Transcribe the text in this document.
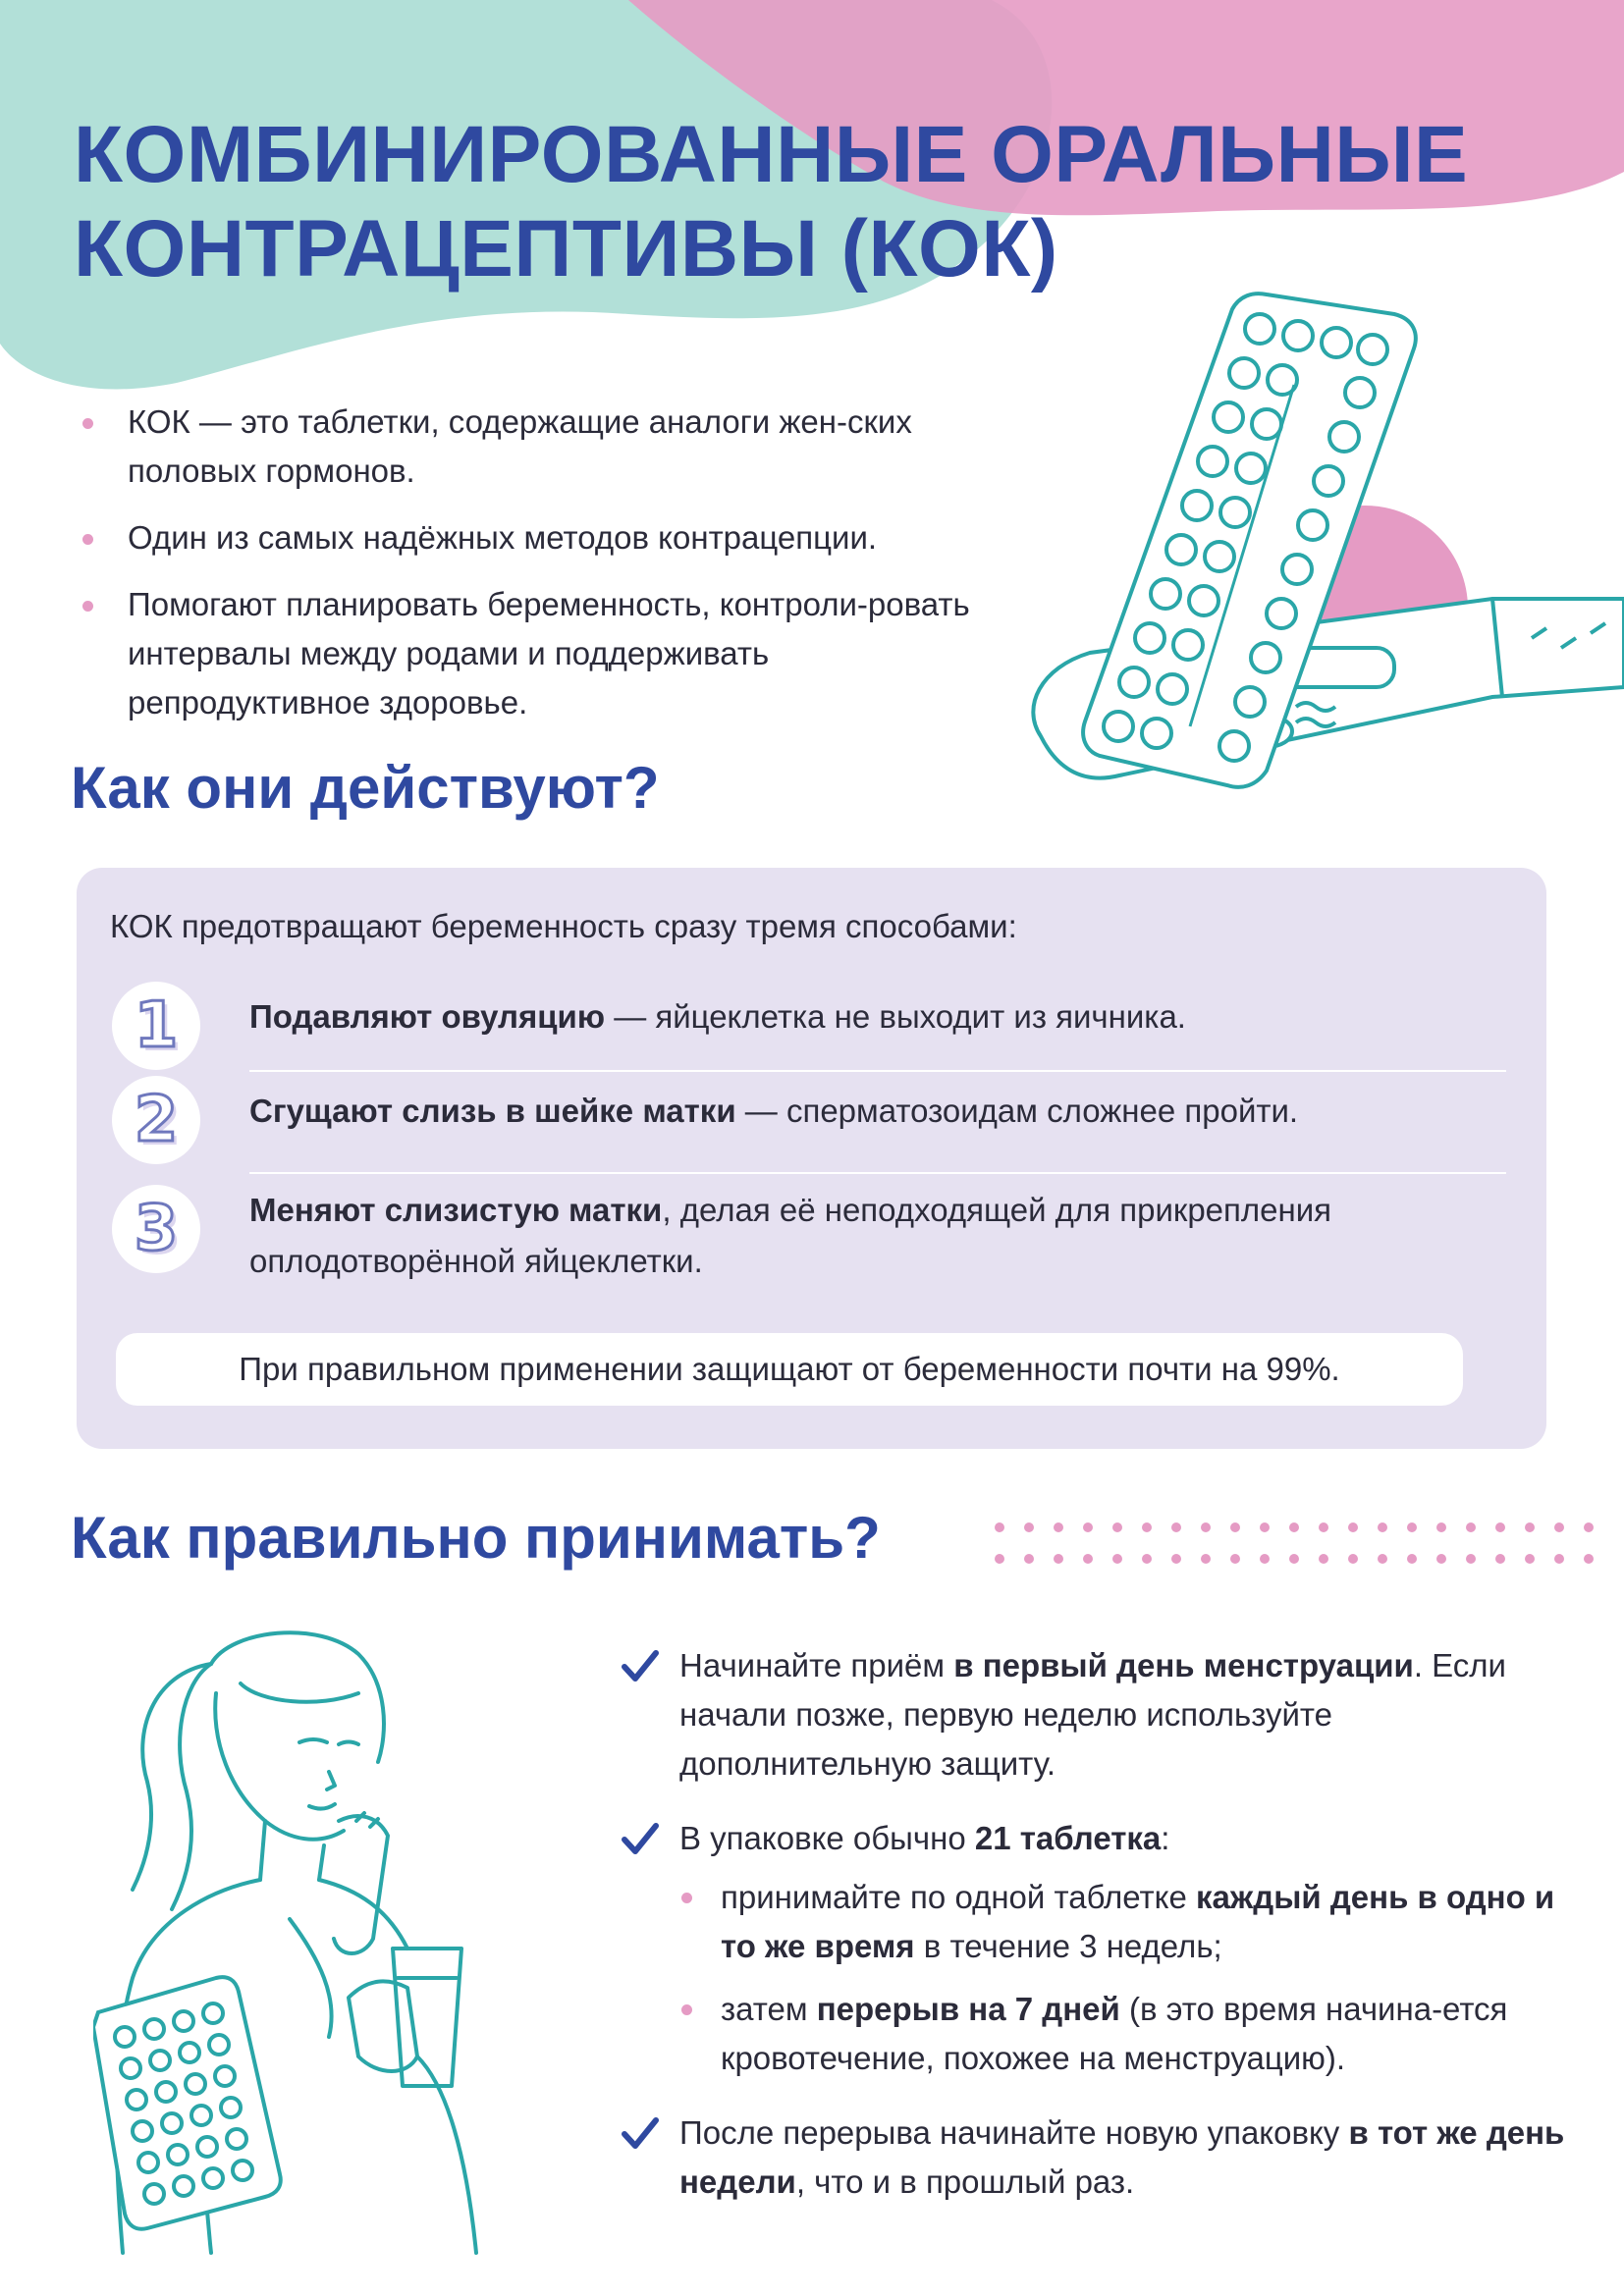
КОМБИНИРОВАННЫЕ ОРАЛЬНЫЕ
КОНТРАЦЕПТИВЫ (КОК)
КОК — это таблетки, содержащие аналоги жен-ских половых гормонов.
Один из самых надёжных методов контрацепции.
Помогают планировать беременность, контроли-ровать интервалы между родами и поддерживать репродуктивное здоровье.
Как они действуют?
КОК предотвращают беременность сразу тремя способами:
1	Подавляют овуляцию — яйцеклетка не выходит из яичника.
2	Сгущают слизь в шейке матки — сперматозоидам сложнее пройти.
3	Меняют слизистую матки, делая её неподходящей для прикрепления оплодотворённой яйцеклетки.
При правильном применении защищают от беременности почти на 99%.
Как правильно принимать?
Начинайте приём в первый день менструации. Если начали позже, первую неделю используйте дополнительную защиту.
В упаковке обычно 21 таблетка:
принимайте по одной таблетке каждый день в одно и то же время в течение 3 недель;
затем перерыв на 7 дней (в это время начина-ется кровотечение, похожее на менструацию).
После перерыва начинайте новую упаковку в тот же день недели, что и в прошлый раз.
